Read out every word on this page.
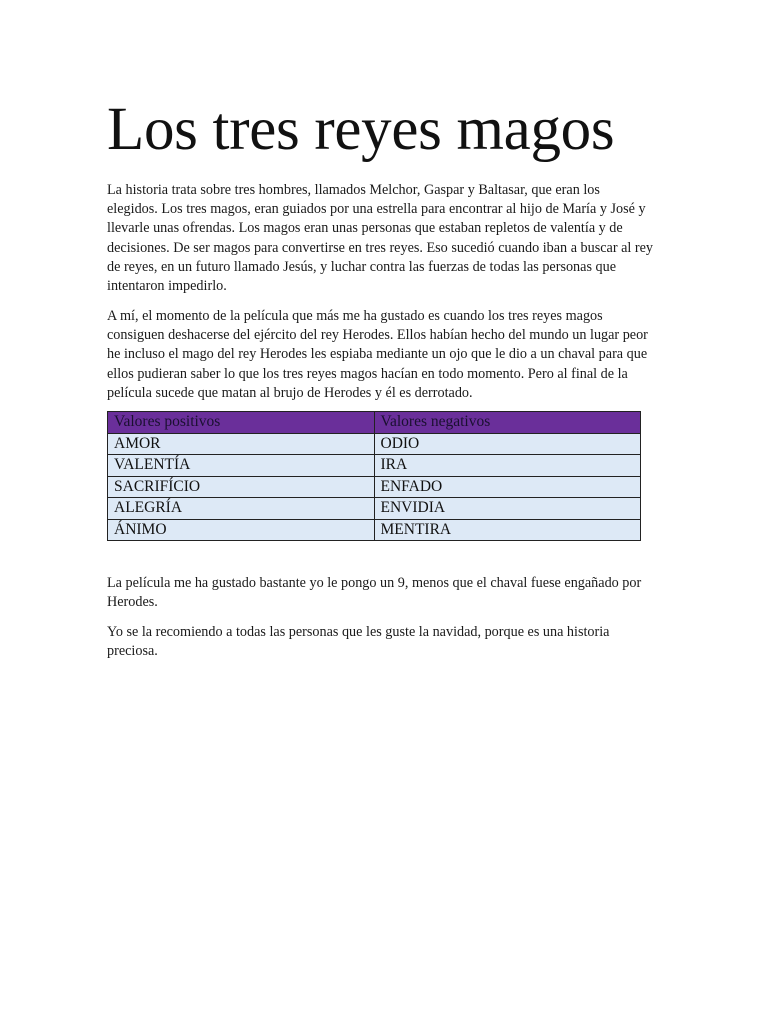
Los tres reyes magos

La historia trata sobre tres hombres, llamados Melchor, Gaspar y Baltasar, que eran los elegidos. Los tres magos, eran guiados por una estrella para encontrar al hijo de María y José y llevarle unas ofrendas. Los magos eran unas personas que estaban repletos de valentía y de decisiones. De ser magos para convertirse en tres reyes. Eso sucedió cuando iban a buscar al rey de reyes, en un futuro llamado Jesús, y luchar contra las fuerzas de todas las personas que intentaron impedirlo.

A mí, el momento de la película que más me ha gustado es cuando los tres reyes magos consiguen deshacerse del ejército del rey Herodes. Ellos habían hecho del mundo un lugar peor he incluso el mago del rey Herodes les espiaba mediante un ojo que le dio a un chaval para que ellos pudieran saber lo que los tres reyes magos hacían en todo momento. Pero al final de la película sucede que matan al brujo de Herodes y él es derrotado.

Valores positivos	Valores negativos
AMOR	ODIO
VALENTÍA	IRA
SACRIFÍCIO	ENFADO
ALEGRÍA	ENVIDIA
ÁNIMO	MENTIRA

La película me ha gustado bastante yo le pongo un 9, menos que el chaval fuese engañado por Herodes.

Yo se la recomiendo a todas las personas que les guste la navidad, porque es una historia preciosa.
